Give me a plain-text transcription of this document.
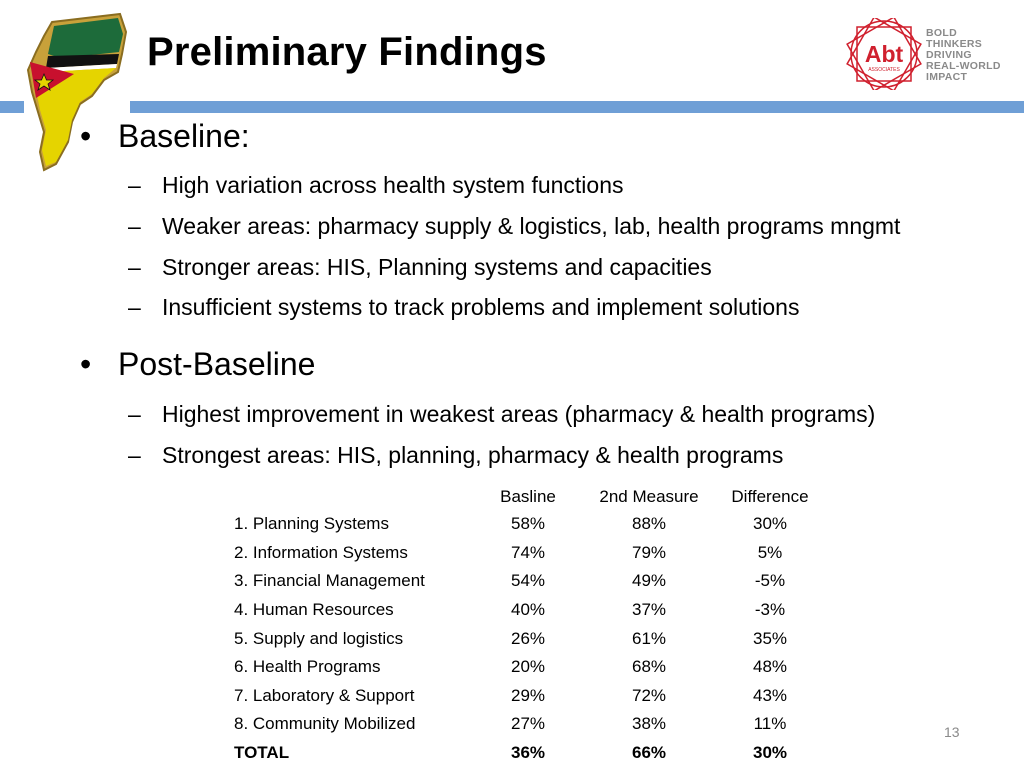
Preliminary Findings	Abt
ASSOCIATES
BOLD
THINKERS
DRIVING
REAL-WORLD
IMPACT
• Baseline:
– High variation across health system functions
– Weaker areas: pharmacy supply & logistics, lab, health programs mngmt
– Stronger areas: HIS, Planning systems and capacities
– Insufficient systems to track problems and implement solutions
• Post-Baseline
– Highest improvement in weakest areas (pharmacy & health programs)
– Strongest areas: HIS, planning, pharmacy & health programs
	Basline	2nd Measure	Difference
1. Planning Systems	58%	88%	30%
2. Information Systems	74%	79%	5%
3. Financial Management	54%	49%	-5%
4. Human Resources	40%	37%	-3%
5. Supply and logistics	26%	61%	35%
6. Health Programs	20%	68%	48%
7. Laboratory & Support	29%	72%	43%
8. Community Mobilized	27%	38%	11%
TOTAL	36%	66%	30%
13
